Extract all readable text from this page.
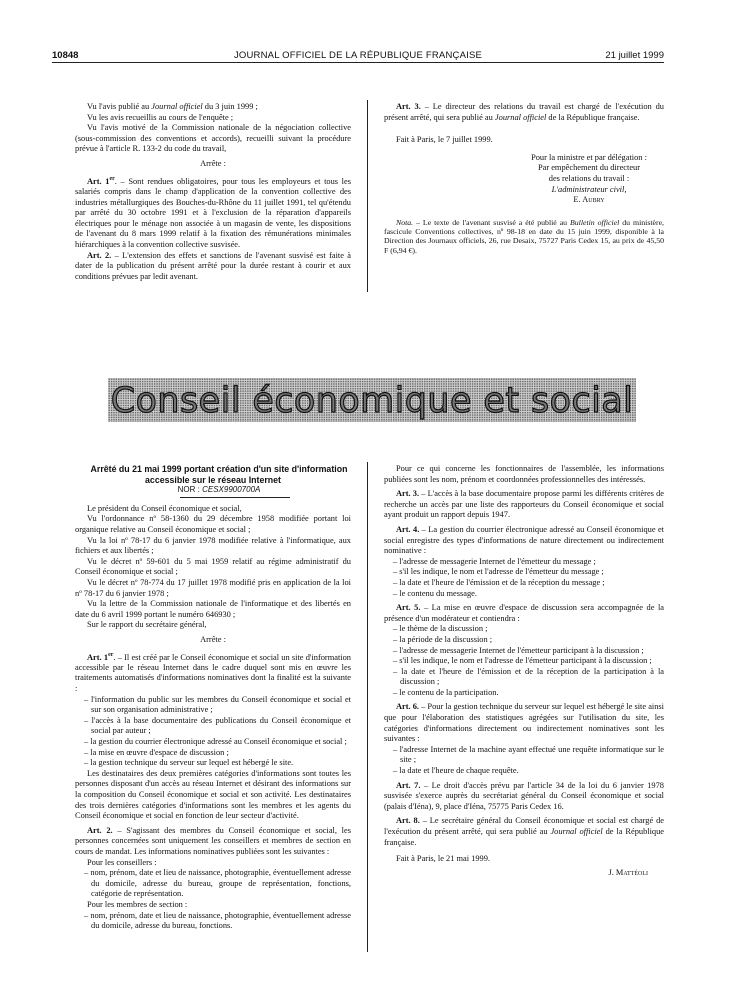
10848	JOURNAL OFFICIEL DE LA RÉPUBLIQUE FRANÇAISE	21 juillet 1999

Vu l'avis publié au Journal officiel du 3 juin 1999 ;

Vu les avis recueillis au cours de l'enquête ;

Vu l'avis motivé de la Commission nationale de la négociation collective (sous-commission des conventions et accords), recueilli suivant la procédure prévue à l'article R. 133-2 du code du travail,

Arrête :

Art. 1er. – Sont rendues obligatoires, pour tous les employeurs et tous les salariés compris dans le champ d'application de la convention collective des industries métallurgiques des Bouches-du-Rhône du 11 juillet 1991, tel qu'étendu par arrêté du 30 octobre 1991 et à l'exclusion de la réparation d'appareils électriques pour le ménage non associée à un magasin de vente, les dispositions de l'avenant du 8 mars 1999 relatif à la fixation des rémunérations minimales hiérarchiques à la convention collective susvisée.

Art. 2. – L'extension des effets et sanctions de l'avenant susvisé est faite à dater de la publication du présent arrêté pour la durée restant à courir et aux conditions prévues par ledit avenant.

Art. 3. – Le directeur des relations du travail est chargé de l'exécution du présent arrêté, qui sera publié au Journal officiel de la République française.

Fait à Paris, le 7 juillet 1999.

Pour la ministre et par délégation :
Par empêchement du directeur
des relations du travail :
L'administrateur civil,
E. Aubry

Nota. – Le texte de l'avenant susvisé a été publié au Bulletin officiel du ministère, fascicule Conventions collectives, nº 98-18 en date du 15 juin 1999, disponible à la Direction des Journaux officiels, 26, rue Desaix, 75727 Paris Cedex 15, au prix de 45,50 F (6,94 €).

Conseil économique et social

Arrêté du 21 mai 1999 portant création d'un site d'information accessible sur le réseau Internet

NOR : CESX9900700A

Le président du Conseil économique et social,

Vu l'ordonnance nº 58-1360 du 29 décembre 1958 modifiée portant loi organique relative au Conseil économique et social ;

Vu la loi nº 78-17 du 6 janvier 1978 modifiée relative à l'informatique, aux fichiers et aux libertés ;

Vu le décret nº 59-601 du 5 mai 1959 relatif au régime administratif du Conseil économique et social ;

Vu le décret nº 78-774 du 17 juillet 1978 modifié pris en application de la loi nº 78-17 du 6 janvier 1978 ;

Vu la lettre de la Commission nationale de l'informatique et des libertés en date du 6 avril 1999 portant le numéro 646930 ;

Sur le rapport du secrétaire général,

Arrête :

Art. 1er. – Il est créé par le Conseil économique et social un site d'information accessible par le réseau Internet dans le cadre duquel sont mis en œuvre les traitements automatisés d'informations nominatives dont la finalité est la suivante :

– l'information du public sur les membres du Conseil économique et social et sur son organisation administrative ;

– l'accès à la base documentaire des publications du Conseil économique et social par auteur ;

– la gestion du courrier électronique adressé au Conseil économique et social ;

– la mise en œuvre d'espace de discussion ;

– la gestion technique du serveur sur lequel est hébergé le site.

Les destinataires des deux premières catégories d'informations sont toutes les personnes disposant d'un accès au réseau Internet et désirant des informations sur la composition du Conseil économique et social et son activité. Les destinataires des trois dernières catégories d'informations sont les membres et les agents du Conseil économique et social en fonction de leur secteur d'activité.

Art. 2. – S'agissant des membres du Conseil économique et social, les personnes concernées sont uniquement les conseillers et membres de section en cours de mandat. Les informations nominatives publiées sont les suivantes :

Pour les conseillers :

– nom, prénom, date et lieu de naissance, photographie, éventuellement adresse du domicile, adresse du bureau, groupe de représentation, fonctions, catégorie de représentation.

Pour les membres de section :

– nom, prénom, date et lieu de naissance, photographie, éventuellement adresse du domicile, adresse du bureau, fonctions.

Pour ce qui concerne les fonctionnaires de l'assemblée, les informations publiées sont les nom, prénom et coordonnées professionnelles des intéressés.

Art. 3. – L'accès à la base documentaire propose parmi les différents critères de recherche un accès par une liste des rapporteurs du Conseil économique et social ayant produit un rapport depuis 1947.

Art. 4. – La gestion du courrier électronique adressé au Conseil économique et social enregistre des types d'informations de nature directement ou indirectement nominative :

– l'adresse de messagerie Internet de l'émetteur du message ;

– s'il les indique, le nom et l'adresse de l'émetteur du message ;

– la date et l'heure de l'émission et de la réception du message ;

– le contenu du message.

Art. 5. – La mise en œuvre d'espace de discussion sera accompagnée de la présence d'un modérateur et contiendra :

– le thème de la discussion ;

– la période de la discussion ;

– l'adresse de messagerie Internet de l'émetteur participant à la discussion ;

– s'il les indique, le nom et l'adresse de l'émetteur participant à la discussion ;

– la date et l'heure de l'émission et de la réception de la participation à la discussion ;

– le contenu de la participation.

Art. 6. – Pour la gestion technique du serveur sur lequel est hébergé le site ainsi que pour l'élaboration des statistiques agrégées sur l'utilisation du site, les catégories d'informations directement ou indirectement nominatives sont les suivantes :

– l'adresse Internet de la machine ayant effectué une requête informatique sur le site ;

– la date et l'heure de chaque requête.

Art. 7. – Le droit d'accès prévu par l'article 34 de la loi du 6 janvier 1978 susvisée s'exerce auprès du secrétariat général du Conseil économique et social (palais d'Iéna), 9, place d'Iéna, 75775 Paris Cedex 16.

Art. 8. – Le secrétaire général du Conseil économique et social est chargé de l'exécution du présent arrêté, qui sera publié au Journal officiel de la République française.

Fait à Paris, le 21 mai 1999.

J. Mattéoli
